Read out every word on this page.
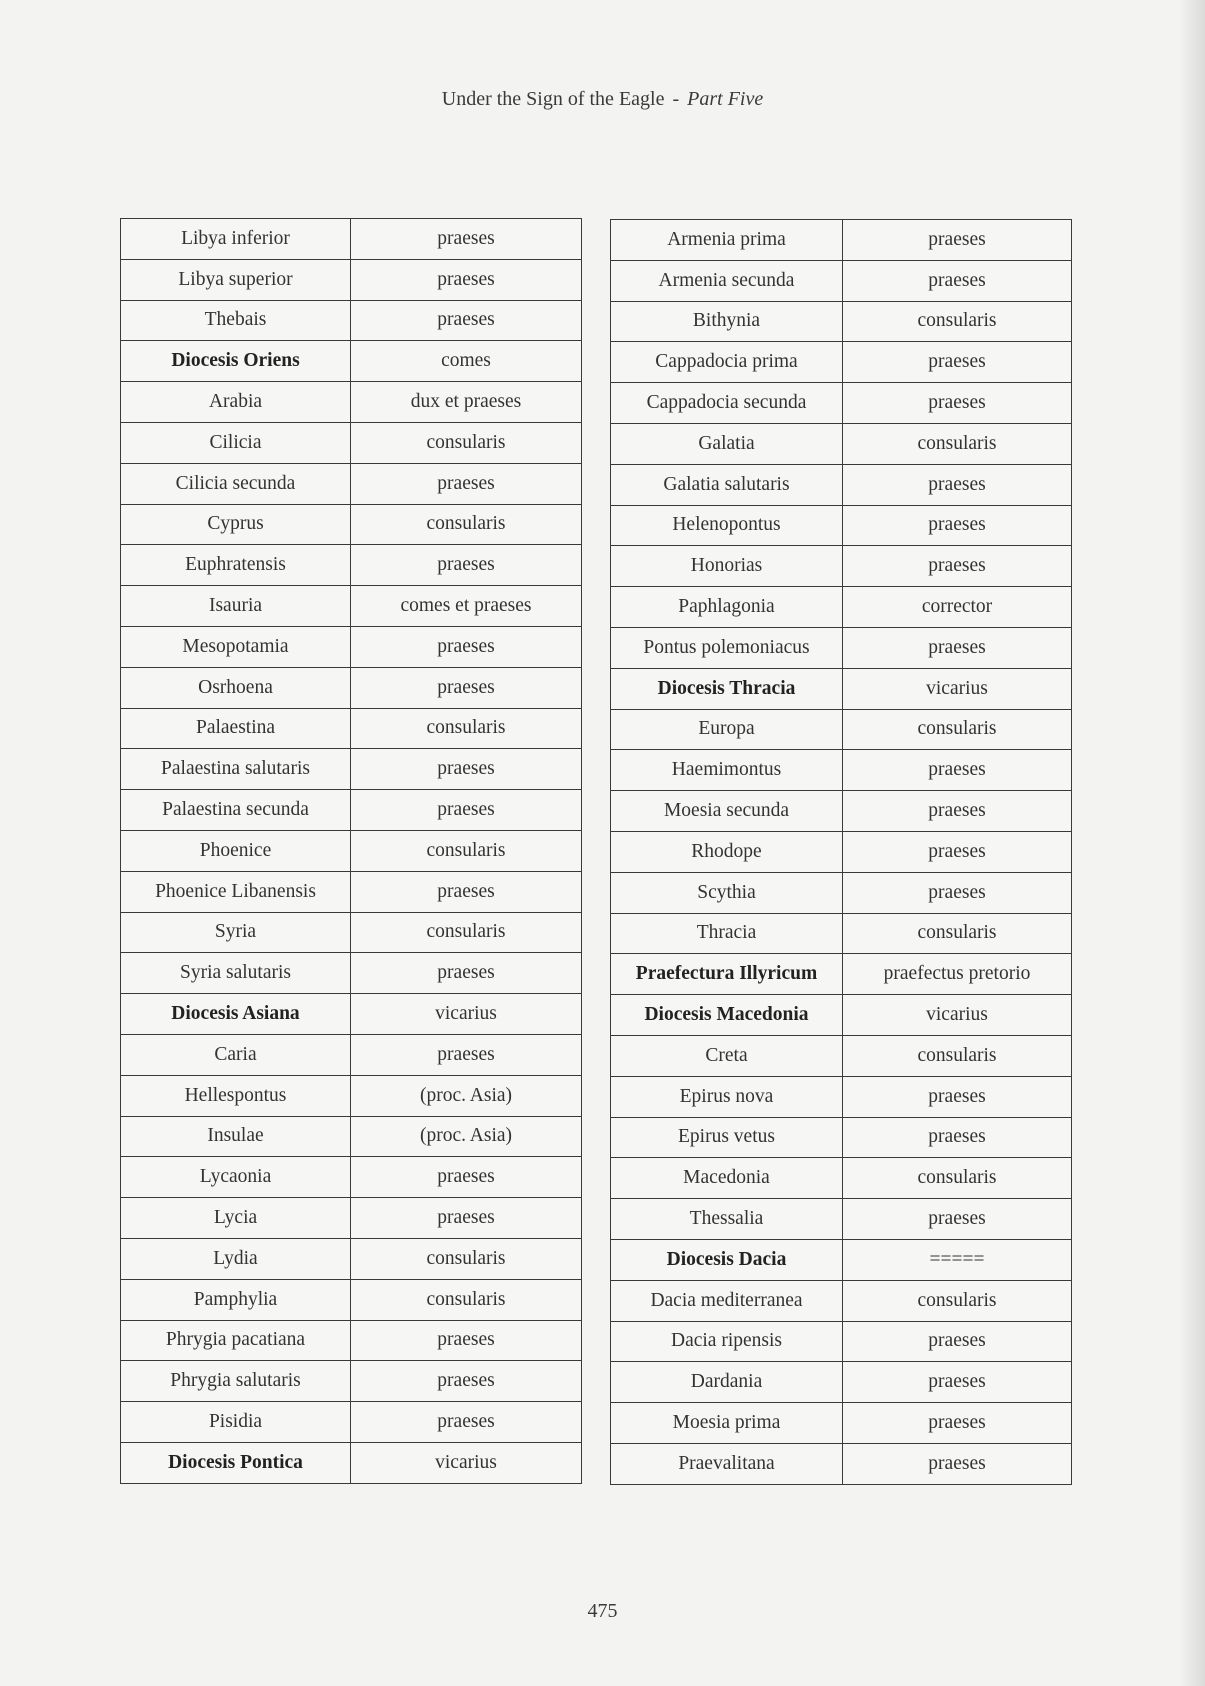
Under the Sign of the Eagle - Part Five
Libya inferior	praeses
Libya superior	praeses
Thebais	praeses
Diocesis Oriens	comes
Arabia	dux et praeses
Cilicia	consularis
Cilicia secunda	praeses
Cyprus	consularis
Euphratensis	praeses
Isauria	comes et praeses
Mesopotamia	praeses
Osrhoena	praeses
Palaestina	consularis
Palaestina salutaris	praeses
Palaestina secunda	praeses
Phoenice	consularis
Phoenice Libanensis	praeses
Syria	consularis
Syria salutaris	praeses
Diocesis Asiana	vicarius
Caria	praeses
Hellespontus	(proc. Asia)
Insulae	(proc. Asia)
Lycaonia	praeses
Lycia	praeses
Lydia	consularis
Pamphylia	consularis
Phrygia pacatiana	praeses
Phrygia salutaris	praeses
Pisidia	praeses
Diocesis Pontica	vicarius
Armenia prima	praeses
Armenia secunda	praeses
Bithynia	consularis
Cappadocia prima	praeses
Cappadocia secunda	praeses
Galatia	consularis
Galatia salutaris	praeses
Helenopontus	praeses
Honorias	praeses
Paphlagonia	corrector
Pontus polemoniacus	praeses
Diocesis Thracia	vicarius
Europa	consularis
Haemimontus	praeses
Moesia secunda	praeses
Rhodope	praeses
Scythia	praeses
Thracia	consularis
Praefectura Illyricum	praefectus pretorio
Diocesis Macedonia	vicarius
Creta	consularis
Epirus nova	praeses
Epirus vetus	praeses
Macedonia	consularis
Thessalia	praeses
Diocesis Dacia	=====
Dacia mediterranea	consularis
Dacia ripensis	praeses
Dardania	praeses
Moesia prima	praeses
Praevalitana	praeses
475
